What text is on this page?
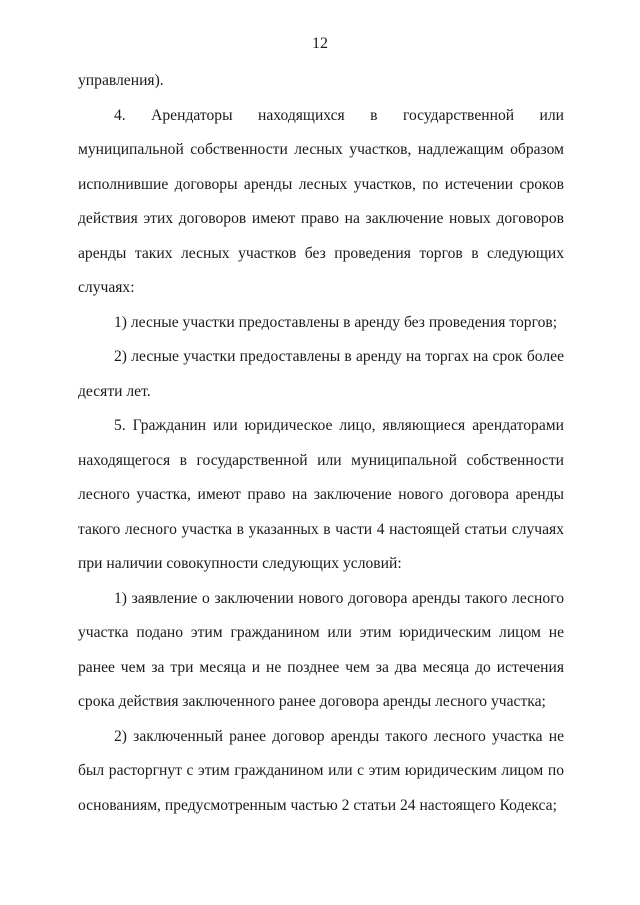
12

управления).

4. Арендаторы находящихся в государственной или муниципальной собственности лесных участков, надлежащим образом исполнившие договоры аренды лесных участков, по истечении сроков действия этих договоров имеют право на заключение новых договоров аренды таких лесных участков без проведения торгов в следующих случаях:

1) лесные участки предоставлены в аренду без проведения торгов;

2) лесные участки предоставлены в аренду на торгах на срок более десяти лет.

5. Гражданин или юридическое лицо, являющиеся арендаторами находящегося в государственной или муниципальной собственности лесного участка, имеют право на заключение нового договора аренды такого лесного участка в указанных в части 4 настоящей статьи случаях при наличии совокупности следующих условий:

1) заявление о заключении нового договора аренды такого лесного участка подано этим гражданином или этим юридическим лицом не ранее чем за три месяца и не позднее чем за два месяца до истечения срока действия заключенного ранее договора аренды лесного участка;

2) заключенный ранее договор аренды такого лесного участка не был расторгнут с этим гражданином или с этим юридическим лицом по основаниям, предусмотренным частью 2 статьи 24 настоящего Кодекса;
